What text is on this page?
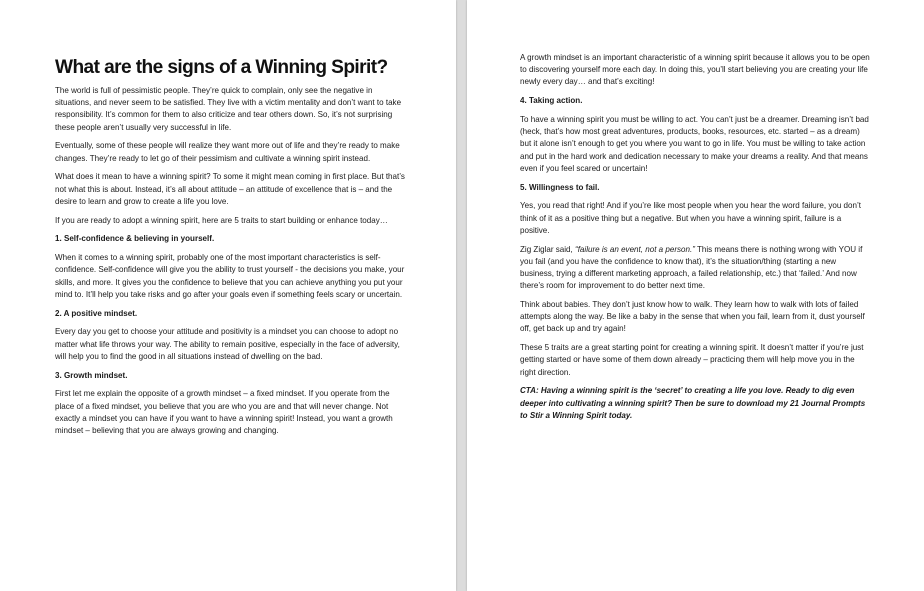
What are the signs of a Winning Spirit?

The world is full of pessimistic people. They’re quick to complain, only see the negative in situations, and never seem to be satisfied. They live with a victim mentality and don’t want to take responsibility. It’s common for them to also criticize and tear others down. So, it’s not surprising these people aren’t usually very successful in life.

Eventually, some of these people will realize they want more out of life and they’re ready to make changes. They’re ready to let go of their pessimism and cultivate a winning spirit instead.

What does it mean to have a winning spirit? To some it might mean coming in first place. But that’s not what this is about. Instead, it’s all about attitude – an attitude of excellence that is – and the desire to learn and grow to create a life you love.

If you are ready to adopt a winning spirit, here are 5 traits to start building or enhance today…

1. Self-confidence & believing in yourself.

When it comes to a winning spirit, probably one of the most important characteristics is self-confidence. Self-confidence will give you the ability to trust yourself - the decisions you make, your skills, and more. It gives you the confidence to believe that you can achieve anything you put your mind to. It’ll help you take risks and go after your goals even if something feels scary or uncertain.

2. A positive mindset.

Every day you get to choose your attitude and positivity is a mindset you can choose to adopt no matter what life throws your way. The ability to remain positive, especially in the face of adversity, will help you to find the good in all situations instead of dwelling on the bad.

3. Growth mindset.

First let me explain the opposite of a growth mindset – a fixed mindset. If you operate from the place of a fixed mindset, you believe that you are who you are and that will never change. Not exactly a mindset you can have if you want to have a winning spirit! Instead, you want a growth mindset – believing that you are always growing and changing.

A growth mindset is an important characteristic of a winning spirit because it allows you to be open to discovering yourself more each day. In doing this, you’ll start believing you are creating your life newly every day… and that’s exciting!

4. Taking action.

To have a winning spirit you must be willing to act. You can’t just be a dreamer. Dreaming isn’t bad (heck, that’s how most great adventures, products, books, resources, etc. started – as a dream) but it alone isn’t enough to get you where you want to go in life. You must be willing to take action and put in the hard work and dedication necessary to make your dreams a reality. And that means even if you feel scared or uncertain!

5. Willingness to fail.

Yes, you read that right! And if you’re like most people when you hear the word failure, you don’t think of it as a positive thing but a negative. But when you have a winning spirit, failure is a positive.

Zig Ziglar said, “failure is an event, not a person.” This means there is nothing wrong with YOU if you fail (and you have the confidence to know that), it’s the situation/thing (starting a new business, trying a different marketing approach, a failed relationship, etc.) that ‘failed.’ And now there’s room for improvement to do better next time.

Think about babies. They don’t just know how to walk. They learn how to walk with lots of failed attempts along the way. Be like a baby in the sense that when you fail, learn from it, dust yourself off, get back up and try again!

These 5 traits are a great starting point for creating a winning spirit. It doesn’t matter if you’re just getting started or have some of them down already – practicing them will help move you in the right direction.

CTA: Having a winning spirit is the ‘secret’ to creating a life you love. Ready to dig even deeper into cultivating a winning spirit? Then be sure to download my 21 Journal Prompts to Stir a Winning Spirit today.
